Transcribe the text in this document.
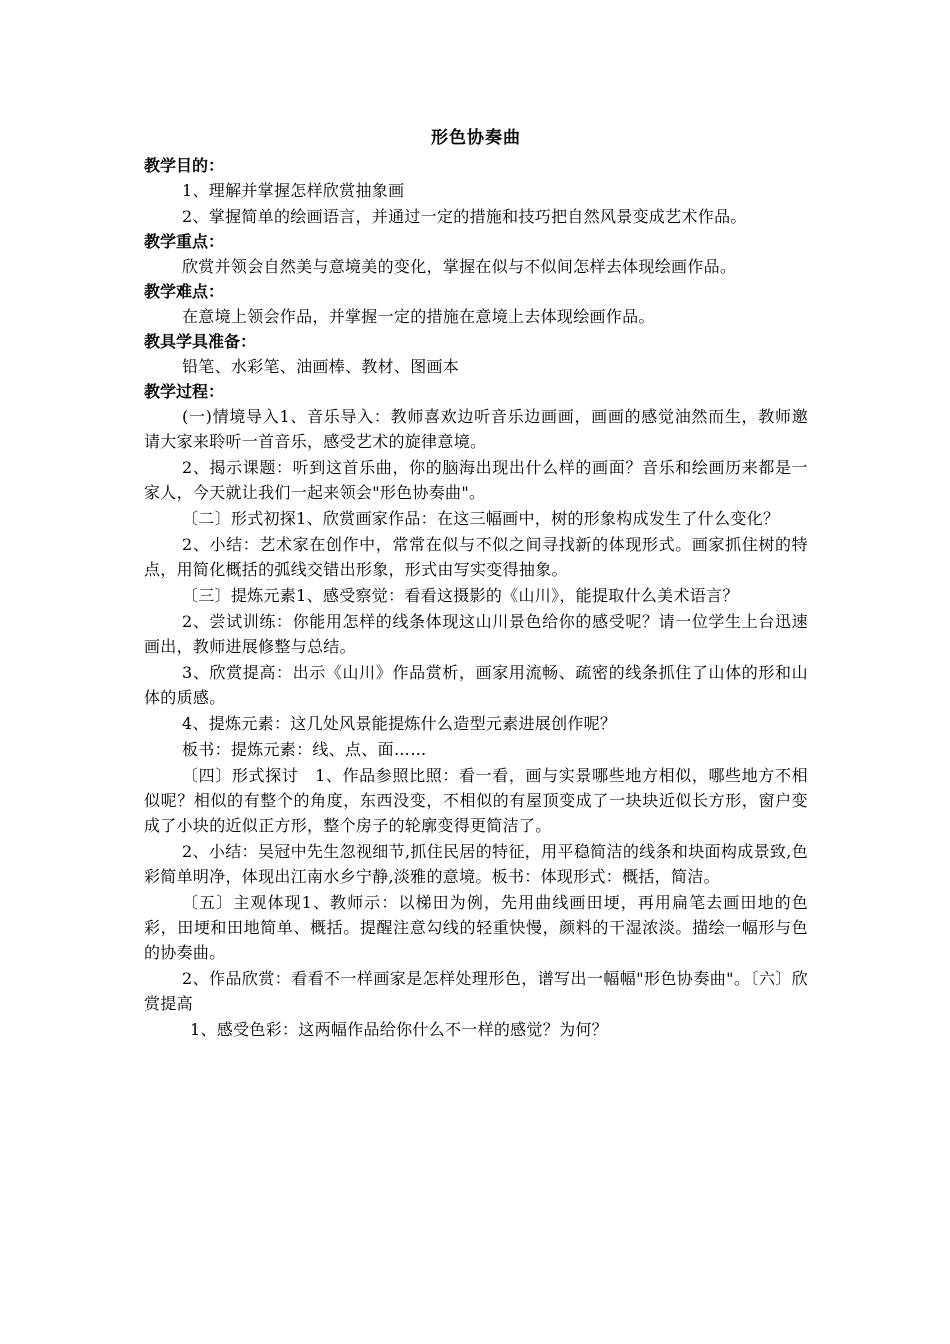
形色协奏曲

教学目的：

1、理解并掌握怎样欣赏抽象画

2、掌握简单的绘画语言，并通过一定的措施和技巧把自然风景变成艺术作品。

教学重点：

欣赏并领会自然美与意境美的变化，掌握在似与不似间怎样去体现绘画作品。

教学难点：

在意境上领会作品，并掌握一定的措施在意境上去体现绘画作品。

教具学具准备：

铅笔、水彩笔、油画棒、教材、图画本

教学过程：

(一)情境导入1、音乐导入：教师喜欢边听音乐边画画，画画的感觉油然而生，教师邀请大家来聆听一首音乐，感受艺术的旋律意境。

2、揭示课题：听到这首乐曲，你的脑海出现出什么样的画面？音乐和绘画历来都是一家人，今天就让我们一起来领会"形色协奏曲"。

〔二〕形式初探1、欣赏画家作品：在这三幅画中，树的形象构成发生了什么变化？

2、小结：艺术家在创作中，常常在似与不似之间寻找新的体现形式。画家抓住树的特点，用简化概括的弧线交错出形象，形式由写实变得抽象。

〔三〕提炼元素1、感受察觉：看看这摄影的《山川》，能提取什么美术语言？

2、尝试训练：你能用怎样的线条体现这山川景色给你的感受呢？请一位学生上台迅速画出，教师进展修整与总结。

3、欣赏提高：出示《山川》作品赏析，画家用流畅、疏密的线条抓住了山体的形和山体的质感。

4、提炼元素：这几处风景能提炼什么造型元素进展创作呢？

板书：提炼元素：线、点、面……

〔四〕形式探讨　1、作品参照比照：看一看，画与实景哪些地方相似，哪些地方不相似呢？相似的有整个的角度，东西没变，不相似的有屋顶变成了一块块近似长方形，窗户变成了小块的近似正方形，整个房子的轮廓变得更简洁了。

2、小结：吴冠中先生忽视细节,抓住民居的特征，用平稳简洁的线条和块面构成景致,色彩简单明净，体现出江南水乡宁静,淡雅的意境。板书：体现形式：概括，简洁。

〔五〕主观体现1、教师示：以梯田为例，先用曲线画田埂，再用扁笔去画田地的色彩，田埂和田地简单、概括。提醒注意勾线的轻重快慢，颜料的干湿浓淡。描绘一幅形与色的协奏曲。

2、作品欣赏：看看不一样画家是怎样处理形色，谱写出一幅幅"形色协奏曲"。〔六〕欣赏提高

1、感受色彩：这两幅作品给你什么不一样的感觉？为何？
